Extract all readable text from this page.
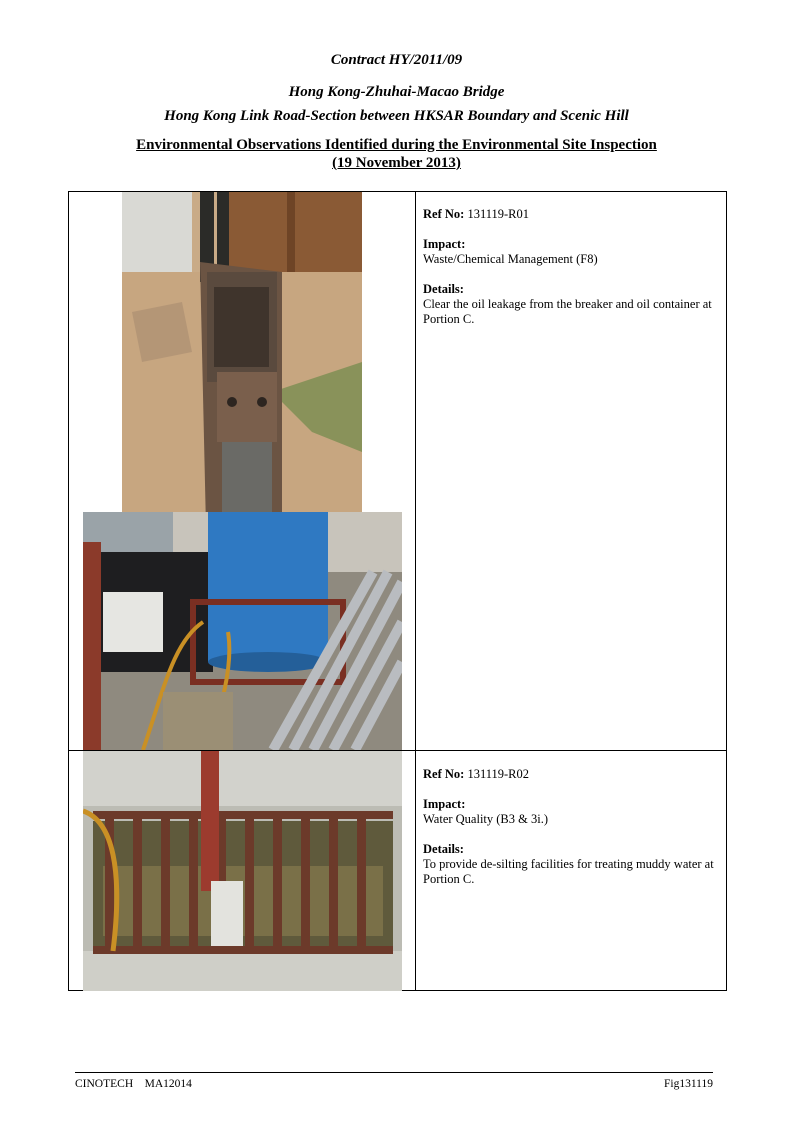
Contract HY/2011/09
Hong Kong-Zhuhai-Macao Bridge
Hong Kong Link Road-Section between HKSAR Boundary and Scenic Hill
Environmental Observations Identified during the Environmental Site Inspection
(19 November 2013)
Ref No: 131119-R01
Impact:
Waste/Chemical Management (F8)
Details:
Clear the oil leakage from the breaker and oil container at Portion C.
Ref No: 131119-R02
Impact:
Water Quality (B3 & 3i.)
Details:
To provide de-silting facilities for treating muddy water at Portion C.
CINOTECH    MA12014	Fig131119
